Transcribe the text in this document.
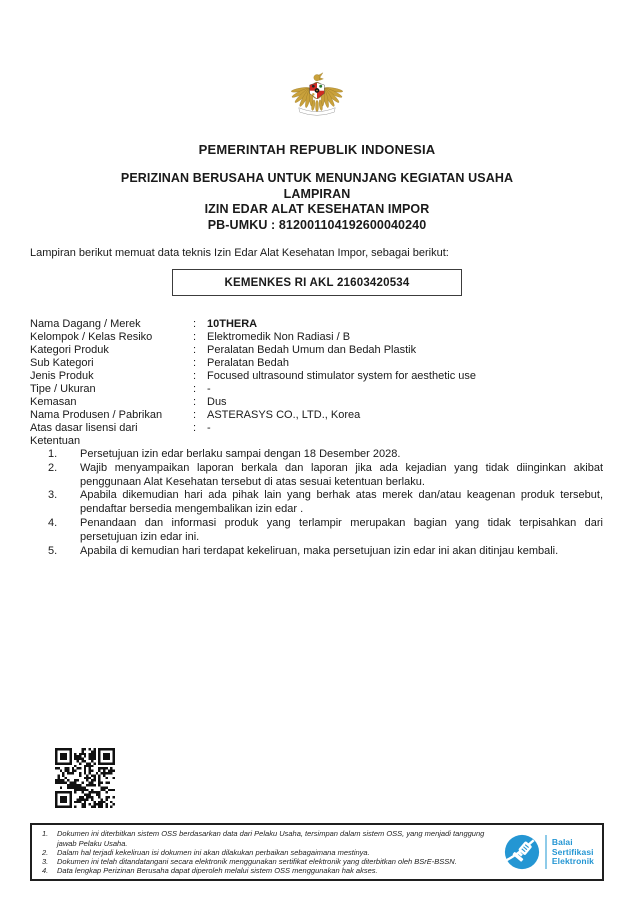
PEMERINTAH REPUBLIK INDONESIA
PERIZINAN BERUSAHA UNTUK MENUNJANG KEGIATAN USAHA
LAMPIRAN
IZIN EDAR ALAT KESEHATAN IMPOR
PB-UMKU : 812001104192600040240
Lampiran berikut memuat data teknis Izin Edar Alat Kesehatan Impor, sebagai berikut:
KEMENKES RI AKL 21603420534
Nama Dagang / Merek	: 10THERA
Kelompok / Kelas Resiko	: Elektromedik Non Radiasi / B
Kategori Produk	: Peralatan Bedah Umum dan Bedah Plastik
Sub Kategori	: Peralatan Bedah
Jenis Produk	: Focused ultrasound stimulator system for aesthetic use
Tipe / Ukuran	: -
Kemasan	: Dus
Nama Produsen / Pabrikan	: ASTERASYS CO., LTD., Korea
Atas dasar lisensi dari	: -
Ketentuan
1.	Persetujuan izin edar berlaku sampai dengan 18 Desember 2028.
2.	Wajib menyampaikan laporan berkala dan laporan jika ada kejadian yang tidak diinginkan akibat penggunaan Alat Kesehatan tersebut di atas sesuai ketentuan berlaku.
3.	Apabila dikemudian hari ada pihak lain yang berhak atas merek dan/atau keagenan produk tersebut, pendaftar bersedia mengembalikan izin edar .
4.	Penandaan dan informasi produk yang terlampir merupakan bagian yang tidak terpisahkan dari persetujuan izin edar ini.
5.	Apabila di kemudian hari terdapat kekeliruan, maka persetujuan izin edar ini akan ditinjau kembali.
1.	Dokumen ini diterbitkan sistem OSS berdasarkan data dari Pelaku Usaha, tersimpan dalam sistem OSS, yang menjadi tanggung jawab Pelaku Usaha.
2.	Dalam hal terjadi kekeliruan isi dokumen ini akan dilakukan perbaikan sebagaimana mestinya.
3.	Dokumen ini telah ditandatangani secara elektronik menggunakan sertifikat elektronik yang diterbitkan oleh BSrE-BSSN.
4.	Data lengkap Perizinan Berusaha dapat diperoleh melalui sistem OSS menggunakan hak akses.
Balai
Sertifikasi
Elektronik
